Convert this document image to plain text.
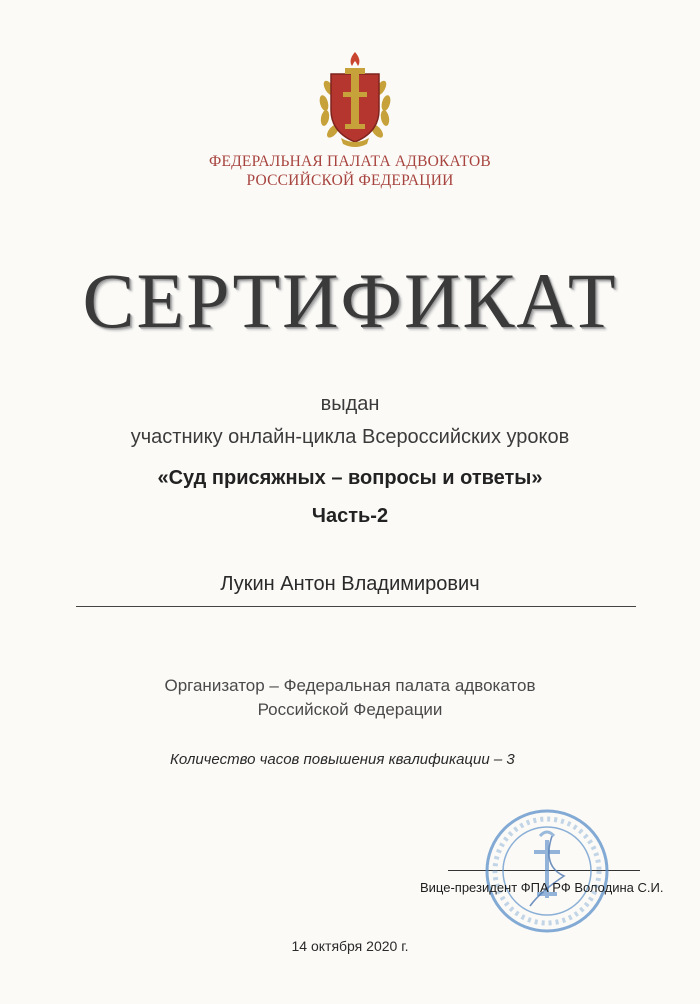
ФЕДЕРАЛЬНАЯ ПАЛАТА АДВОКАТОВ
РОССИЙСКОЙ ФЕДЕРАЦИИ
СЕРТИФИКАТ
выдан
участнику онлайн-цикла Всероссийских уроков
«Суд присяжных – вопросы и ответы»
Часть-2
Лукин Антон Владимирович
Организатор – Федеральная палата адвокатов
Российской Федерации
Количество часов повышения квалификации – 3
Вице-президент ФПА РФ Володина С.И.
14 октября 2020 г.
